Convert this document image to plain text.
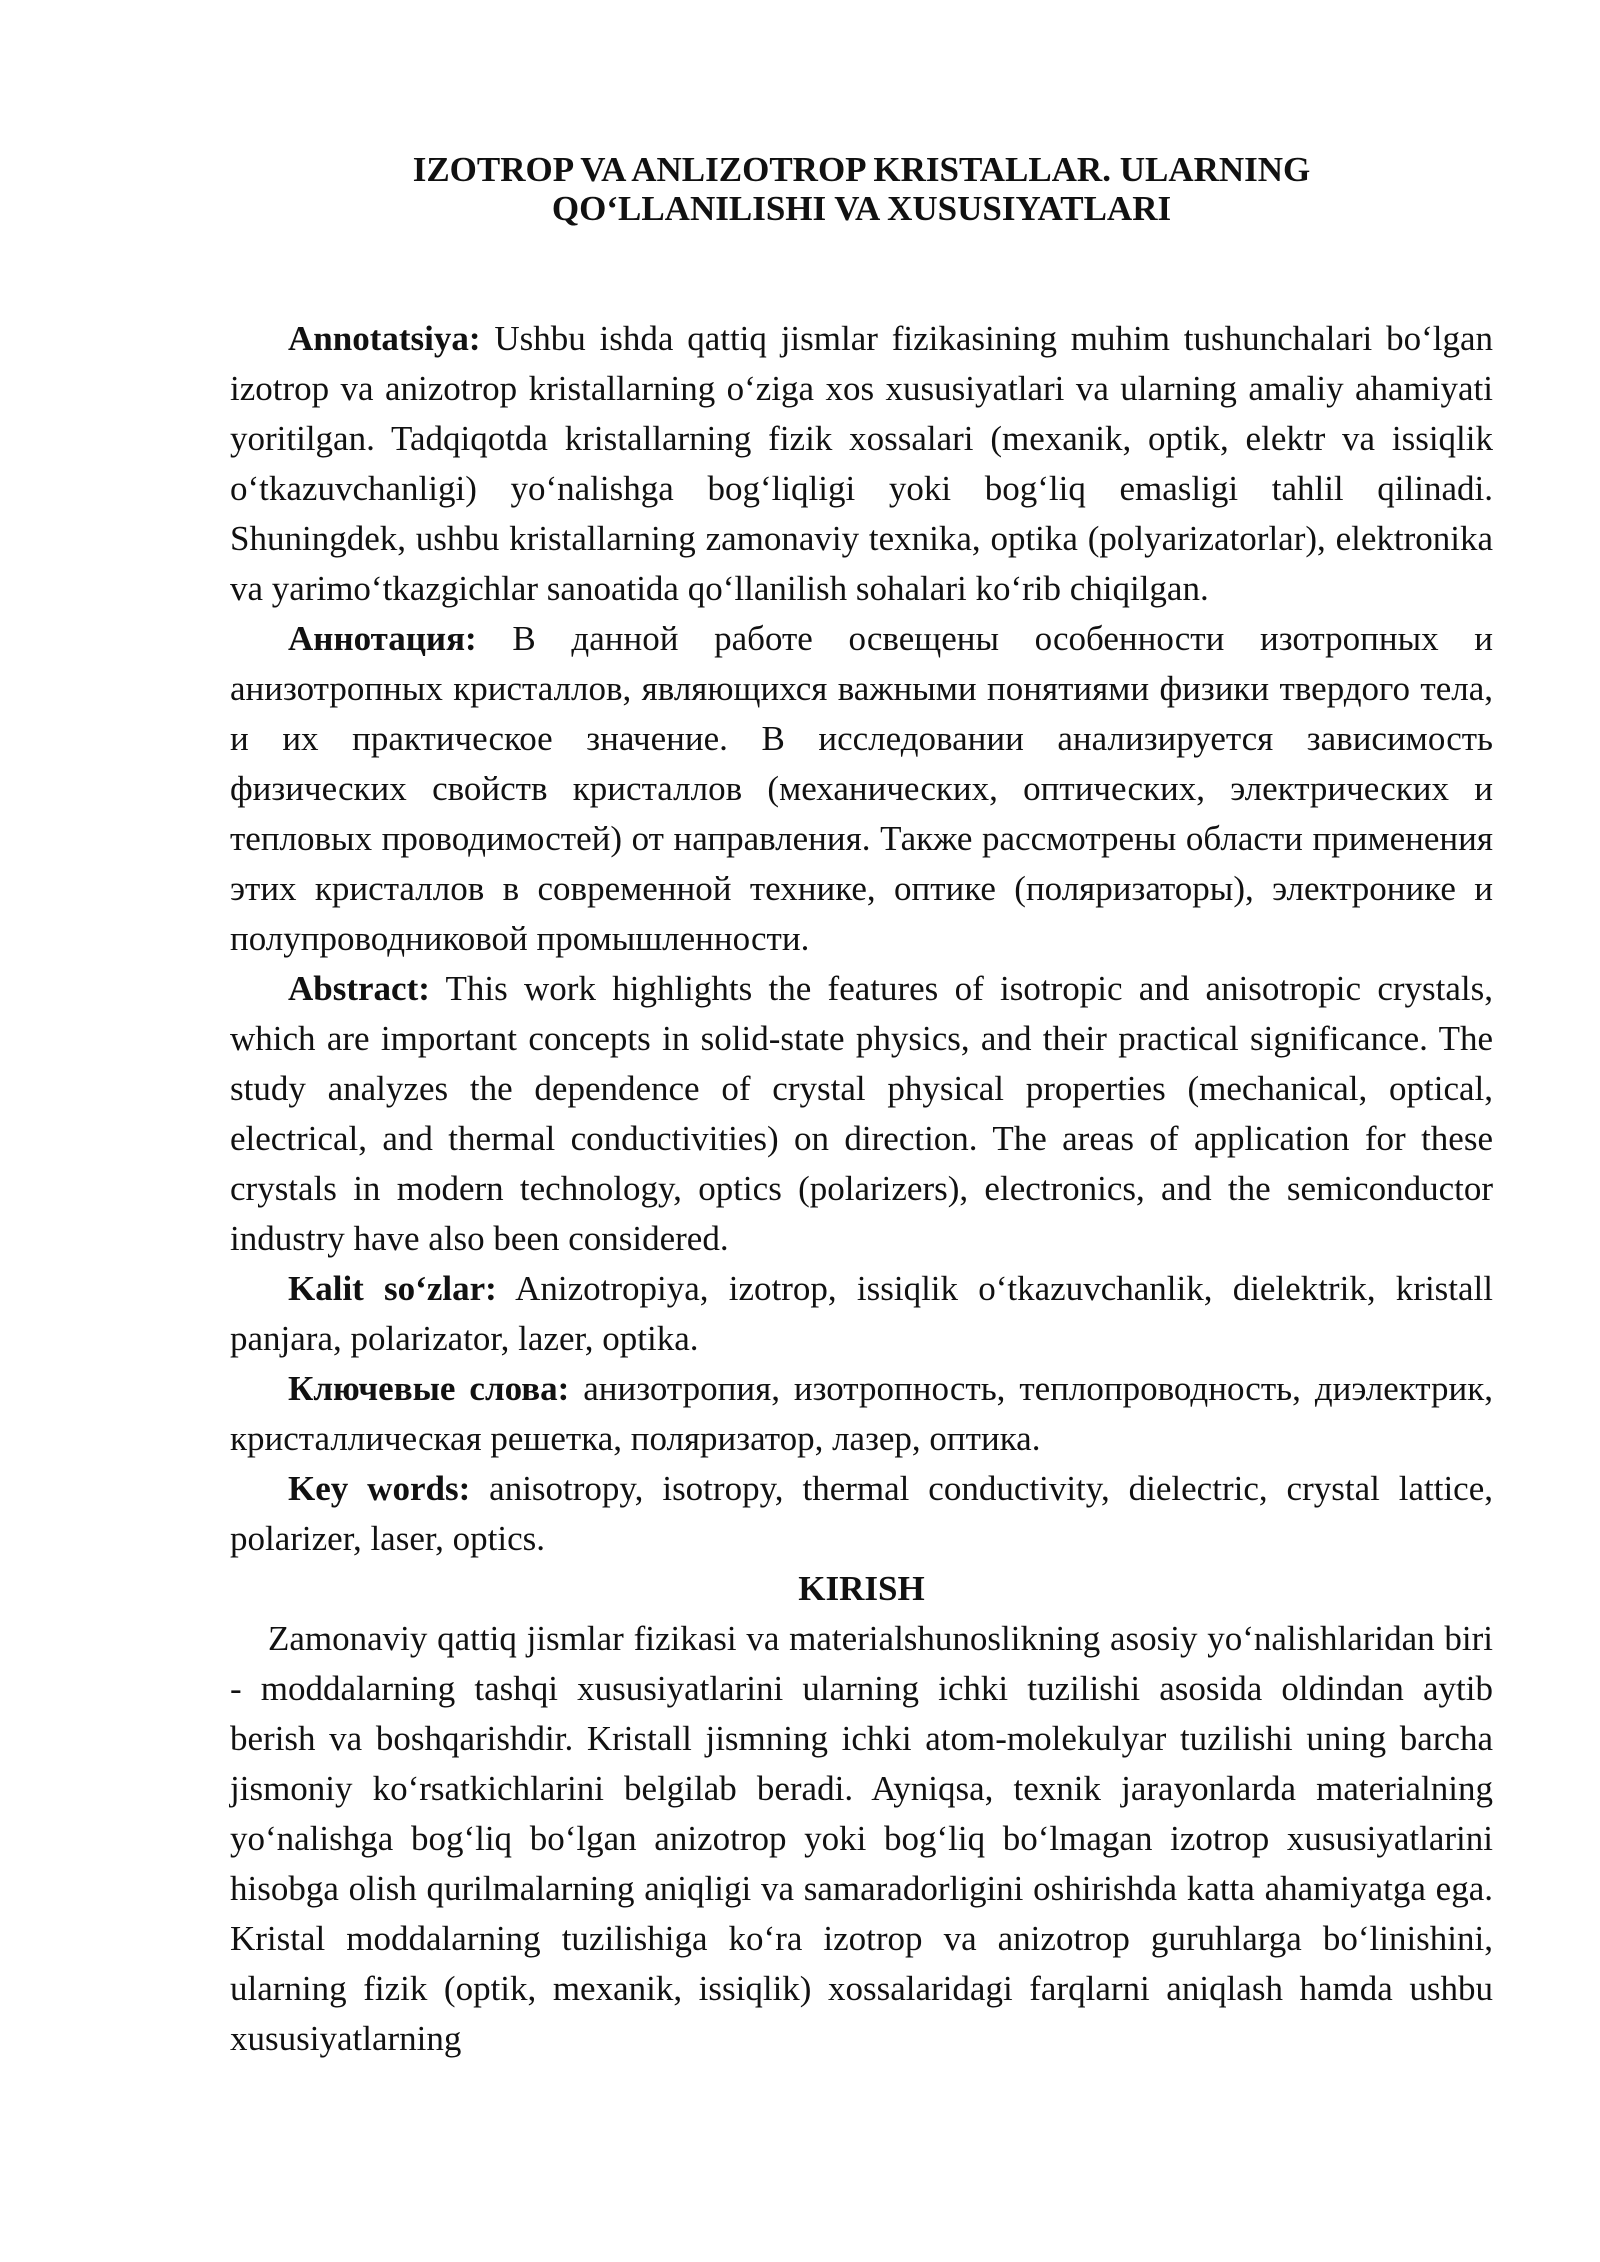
IZOTROP VA ANLIZOTROP KRISTALLAR. ULARNING
QO‘LLANILISHI VA XUSUSIYATLARI

Annotatsiya: Ushbu ishda qattiq jismlar fizikasining muhim tushunchalari bo‘lgan izotrop va anizotrop kristallarning o‘ziga xos xususiyatlari va ularning amaliy ahamiyati yoritilgan. Tadqiqotda kristallarning fizik xossalari (mexanik, optik, elektr va issiqlik o‘tkazuvchanligi) yo‘nalishga bog‘liqligi yoki bog‘liq emasligi tahlil qilinadi. Shuningdek, ushbu kristallarning zamonaviy texnika, optika (polyarizatorlar), elektronika va yarimo‘tkazgichlar sanoatida qo‘llanilish sohalari ko‘rib chiqilgan.

Аннотация: В данной работе освещены особенности изотропных и анизотропных кристаллов, являющихся важными понятиями физики твердого тела, и их практическое значение. В исследовании анализируется зависимость физических свойств кристаллов (механических, оптических, электрических и тепловых проводимостей) от направления. Также рассмотрены области применения этих кристаллов в современной технике, оптике (поляризаторы), электронике и полупроводниковой промышленности.

Abstract: This work highlights the features of isotropic and anisotropic crystals, which are important concepts in solid-state physics, and their practical significance. The study analyzes the dependence of crystal physical properties (mechanical, optical, electrical, and thermal conductivities) on direction. The areas of application for these crystals in modern technology, optics (polarizers), electronics, and the semiconductor industry have also been considered.

Kalit so‘zlar: Anizotropiya, izotrop, issiqlik o‘tkazuvchanlik, dielektrik, kristall panjara, polarizator, lazer, optika.

Ключевые слова: анизотропия, изотропность, теплопроводность, диэлектрик, кристаллическая решетка, поляризатор, лазер, оптика.

Key words: anisotropy, isotropy, thermal conductivity, dielectric, crystal lattice, polarizer, laser, optics.

KIRISH

Zamonaviy qattiq jismlar fizikasi va materialshunoslikning asosiy yo‘nalishlaridan biri - moddalarning tashqi xususiyatlarini ularning ichki tuzilishi asosida oldindan aytib berish va boshqarishdir. Kristall jismning ichki atom-molekulyar tuzilishi uning barcha jismoniy ko‘rsatkichlarini belgilab beradi. Ayniqsa, texnik jarayonlarda materialning yo‘nalishga bog‘liq bo‘lgan anizotrop yoki bog‘liq bo‘lmagan izotrop xususiyatlarini hisobga olish qurilmalarning aniqligi va samaradorligini oshirishda katta ahamiyatga ega. Kristal moddalarning tuzilishiga ko‘ra izotrop va anizotrop guruhlarga bo‘linishini, ularning fizik (optik, mexanik, issiqlik) xossalaridagi farqlarni aniqlash hamda ushbu xususiyatlarning
